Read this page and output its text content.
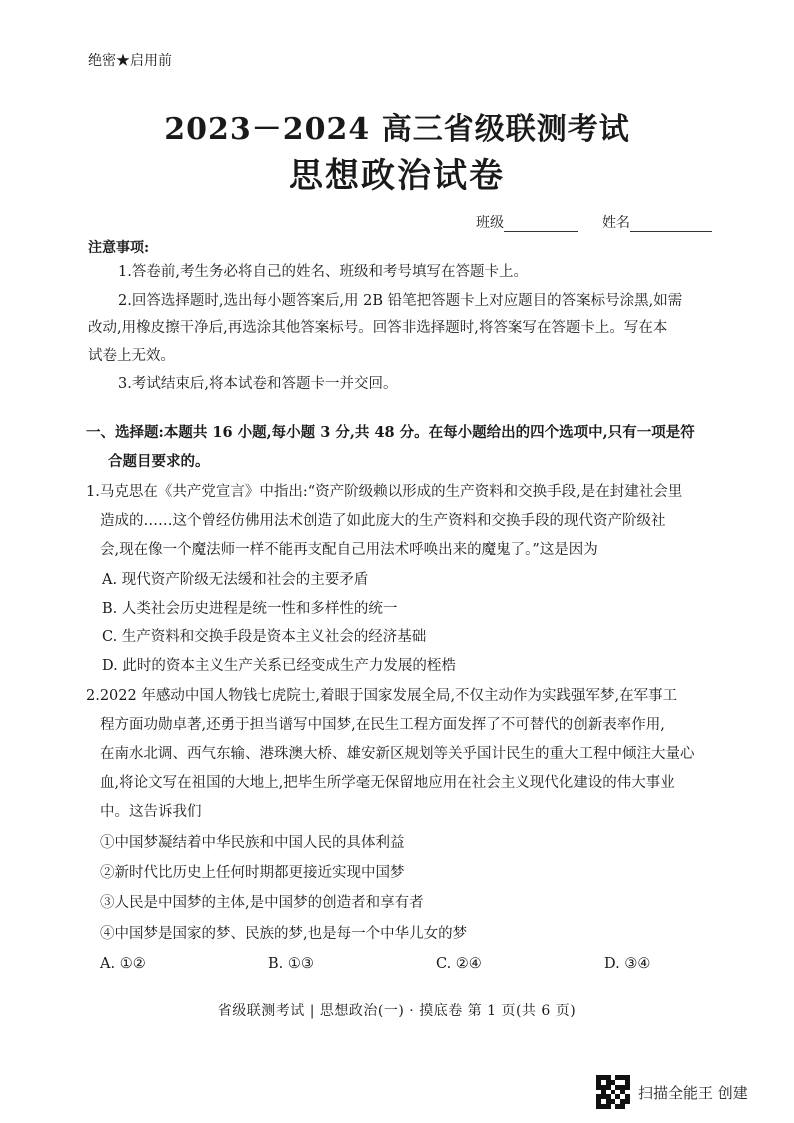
绝密★启用前
2023－2024 高三省级联测考试
思想政治试卷
班级	姓名
注意事项:
1.答卷前,考生务必将自己的姓名、班级和考号填写在答题卡上。
2.回答选择题时,选出每小题答案后,用 2B 铅笔把答题卡上对应题目的答案标号涂黑,如需
改动,用橡皮擦干净后,再选涂其他答案标号。回答非选择题时,将答案写在答题卡上。写在本
试卷上无效。
3.考试结束后,将本试卷和答题卡一并交回。
一、选择题:本题共 16 小题,每小题 3 分,共 48 分。在每小题给出的四个选项中,只有一项是符
合题目要求的。
1.马克思在《共产党宣言》中指出:“资产阶级赖以形成的生产资料和交换手段,是在封建社会里
造成的……这个曾经仿佛用法术创造了如此庞大的生产资料和交换手段的现代资产阶级社
会,现在像一个魔法师一样不能再支配自己用法术呼唤出来的魔鬼了。”这是因为
A. 现代资产阶级无法缓和社会的主要矛盾
B. 人类社会历史进程是统一性和多样性的统一
C. 生产资料和交换手段是资本主义社会的经济基础
D. 此时的资本主义生产关系已经变成生产力发展的桎梏
2.2022 年感动中国人物钱七虎院士,着眼于国家发展全局,不仅主动作为实践强军梦,在军事工
程方面功勋卓著,还勇于担当谱写中国梦,在民生工程方面发挥了不可替代的创新表率作用,
在南水北调、西气东输、港珠澳大桥、雄安新区规划等关乎国计民生的重大工程中倾注大量心
血,将论文写在祖国的大地上,把毕生所学毫无保留地应用在社会主义现代化建设的伟大事业
中。这告诉我们
①中国梦凝结着中华民族和中国人民的具体利益
②新时代比历史上任何时期都更接近实现中国梦
③人民是中国梦的主体,是中国梦的创造者和享有者
④中国梦是国家的梦、民族的梦,也是每一个中华儿女的梦
A. ①②	B. ①③	C. ②④	D. ③④
省级联测考试 | 思想政治(一) · 摸底卷 第 1 页(共 6 页)
扫描全能王 创建
